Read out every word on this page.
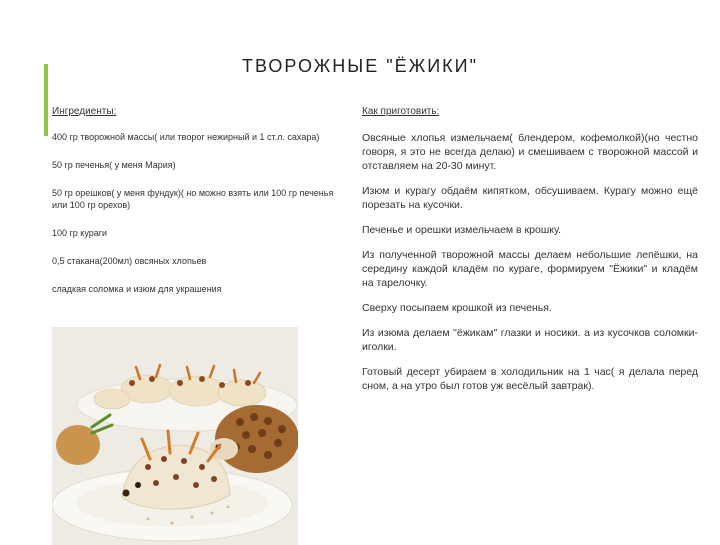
ТВОРОЖНЫЕ "ЁЖИКИ"
Ингредиенты:
400 гр творожной массы( или творог нежирный и 1 ст.л. сахара)
50 гр печенья( у меня Мария)
50 гр орешков( у меня фундук)( но можно взять или 100 гр печенья или 100 гр орехов)
100 гр кураги
0,5 стакана(200мл) овсяных хлопьев
сладкая соломка и изюм для украшения
Как приготовить:
Овсяные хлопья измельчаем( блендером, кофемолкой)(но честно говоря, я это не всегда делаю) и смешиваем с творожной массой и отставляем на 20-30 минут.
Изюм и курагу обдаём кипятком, обсушиваем. Курагу можно ещё порезать на кусочки.
Печенье и орешки измельчаем в крошку.
Из полученной творожной массы делаем небольшие лепёшки, на середину каждой кладём по кураге, формируем "Ёжики" и кладём на тарелочку.
Сверху посыпаем крошкой из печенья.
Из изюма делаем "ёжикам" глазки и носики. а из кусочков соломки- иголки.
Готовый десерт убираем в холодильник на 1 час( я делала перед сном, а на утро был готов уж весёлый завтрак).
